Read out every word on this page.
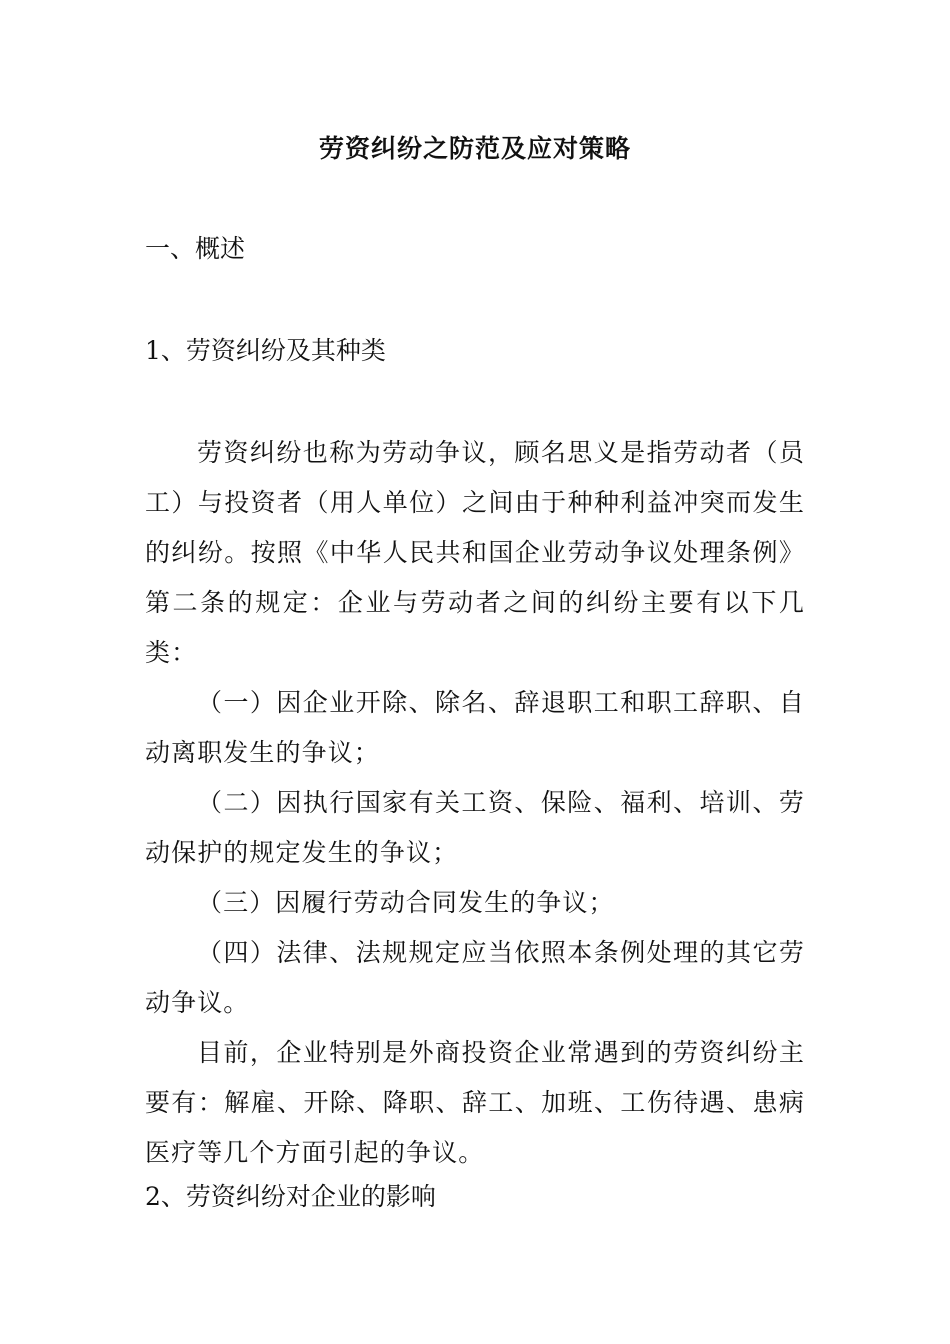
劳资纠纷之防范及应对策略
一、概述
1、劳资纠纷及其种类

劳资纠纷也称为劳动争议，顾名思义是指劳动者（员工）与投资者（用人单位）之间由于种种利益冲突而发生的纠纷。按照《中华人民共和国企业劳动争议处理条例》第二条的规定：企业与劳动者之间的纠纷主要有以下几类：

（一）因企业开除、除名、辞退职工和职工辞职、自动离职发生的争议；

（二）因执行国家有关工资、保险、福利、培训、劳动保护的规定发生的争议；

（三）因履行劳动合同发生的争议；

（四）法律、法规规定应当依照本条例处理的其它劳动争议。

目前，企业特别是外商投资企业常遇到的劳资纠纷主要有：解雇、开除、降职、辞工、加班、工伤待遇、患病医疗等几个方面引起的争议。

2、劳资纠纷对企业的影响
